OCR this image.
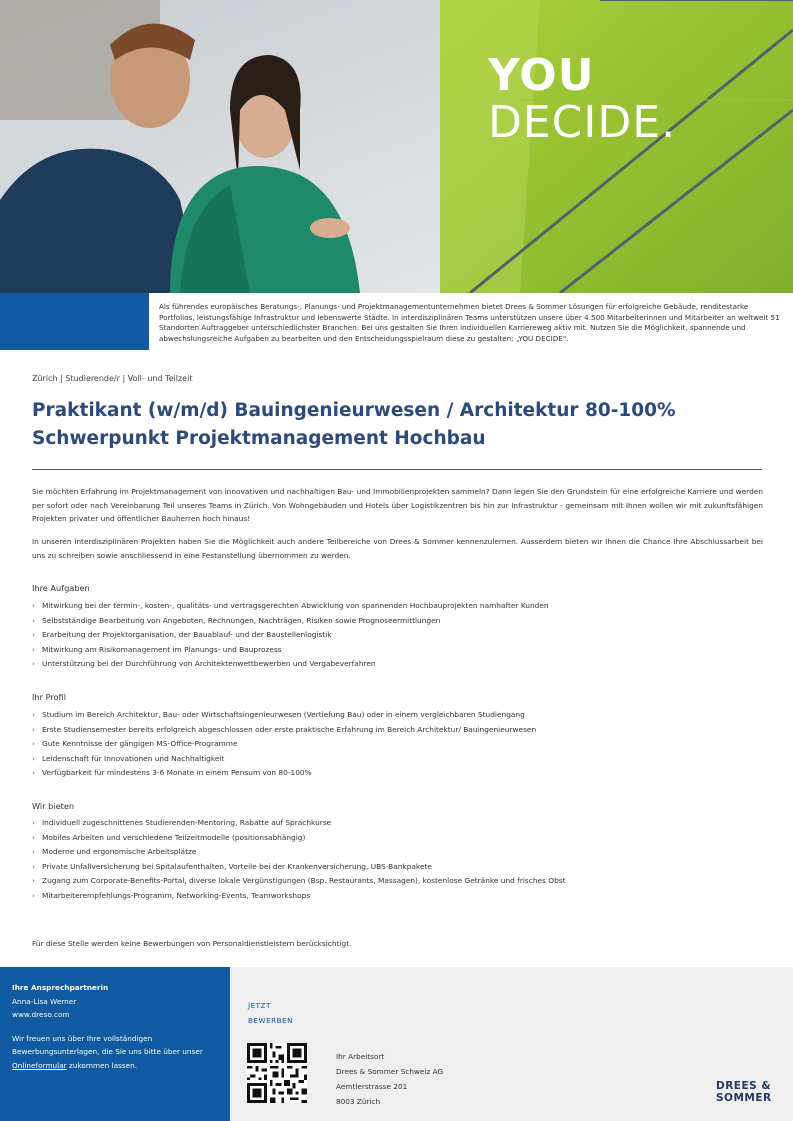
YOU
DECIDE.

Als führendes europäisches Beratungs-, Planungs- und Projektmanagementunternehmen bietet Drees & Sommer Lösungen für erfolgreiche Gebäude, renditestarke Portfolios, leistungsfähige Infrastruktur und lebenswerte Städte. In interdisziplinären Teams unterstützen unsere über 4.500 Mitarbeiterinnen und Mitarbeiter an weltweit 51 Standorten Auftraggeber unterschiedlichster Branchen. Bei uns gestalten Sie Ihren individuellen Karriereweg aktiv mit. Nutzen Sie die Möglichkeit, spannende und abwechslungsreiche Aufgaben zu bearbeiten und den Entscheidungsspielraum diese zu gestalten: „YOU DECIDE“.

Zürich | Studierende/r | Voll- und Teilzeit
Praktikant (w/m/d) Bauingenieurwesen / Architektur 80-100%
Schwerpunkt Projektmanagement Hochbau

Sie möchten Erfahrung im Projektmanagement von innovativen und nachhaltigen Bau- und Immobilienprojekten sammeln? Dann legen Sie den Grundstein für eine erfolgreiche Karriere und werden per sofort oder nach Vereinbarung Teil unseres Teams in Zürich. Von Wohngebäuden und Hotels über Logistikzentren bis hin zur Infrastruktur - gemeinsam mit Ihnen wollen wir mit zukunftsfähigen Projekten privater und öffentlicher Bauherren hoch hinaus!

In unseren interdisziplinären Projekten haben Sie die Möglichkeit auch andere Teilbereiche von Drees & Sommer kennenzulernen. Ausserdem bieten wir Ihnen die Chance Ihre Abschlussarbeit bei uns zu schreiben sowie anschliessend in eine Festanstellung übernommen zu werden.

Ihre Aufgaben
› Mitwirkung bei der termin-, kosten-, qualitäts- und vertragsgerechten Abwicklung von spannenden Hochbauprojekten namhafter Kunden
› Selbstständige Bearbeitung von Angeboten, Rechnungen, Nachträgen, Risiken sowie Prognoseermittlungen
› Erarbeitung der Projektorganisation, der Bauablauf- und der Baustellenlogistik
› Mitwirkung am Risikomanagement im Planungs- und Bauprozess
› Unterstützung bei der Durchführung von Architektenwettbewerben und Vergabeverfahren
Ihr Profil
› Studium im Bereich Architektur, Bau- oder Wirtschaftsingenieurwesen (Vertiefung Bau) oder in einem vergleichbaren Studiengang
› Erste Studiensemester bereits erfolgreich abgeschlossen oder erste praktische Erfahrung im Bereich Architektur/ Bauingenieurwesen
› Gute Kenntnisse der gängigen MS-Office-Programme
› Leidenschaft für Innovationen und Nachhaltigkeit
› Verfügbarkeit für mindestens 3-6 Monate in einem Pensum von 80-100%
Wir bieten
› Individuell zugeschnittenes Studierenden-Mentoring, Rabatte auf Sprachkurse
› Mobiles Arbeiten und verschiedene Teilzeitmodelle (positionsabhängig)
› Moderne und ergonomische Arbeitsplätze
› Private Unfallversicherung bei Spitalaufenthalten, Vorteile bei der Krankenversicherung, UBS-Bankpakete
› Zugang zum Corporate-Benefits-Portal, diverse lokale Vergünstigungen (Bsp. Restaurants, Massagen), kostenlose Getränke und frisches Obst
› Mitarbeiterempfehlungs-Programm, Networking-Events, Teamworkshops
Für diese Stelle werden keine Bewerbungen von Personaldienstleistern berücksichtigt.
Ihre Ansprechpartnerin
Anna-Lisa Werner
www.dreso.com
Wir freuen uns über Ihre vollständigen
Bewerbungsunterlagen, die Sie uns bitte über unser
Onlineformular zukommen lassen.
JETZT
BEWERBEN
Ihr Arbeitsort
Drees & Sommer Schweiz AG
Aemtlerstrasse 201
8003 Zürich
DREES &
SOMMER
